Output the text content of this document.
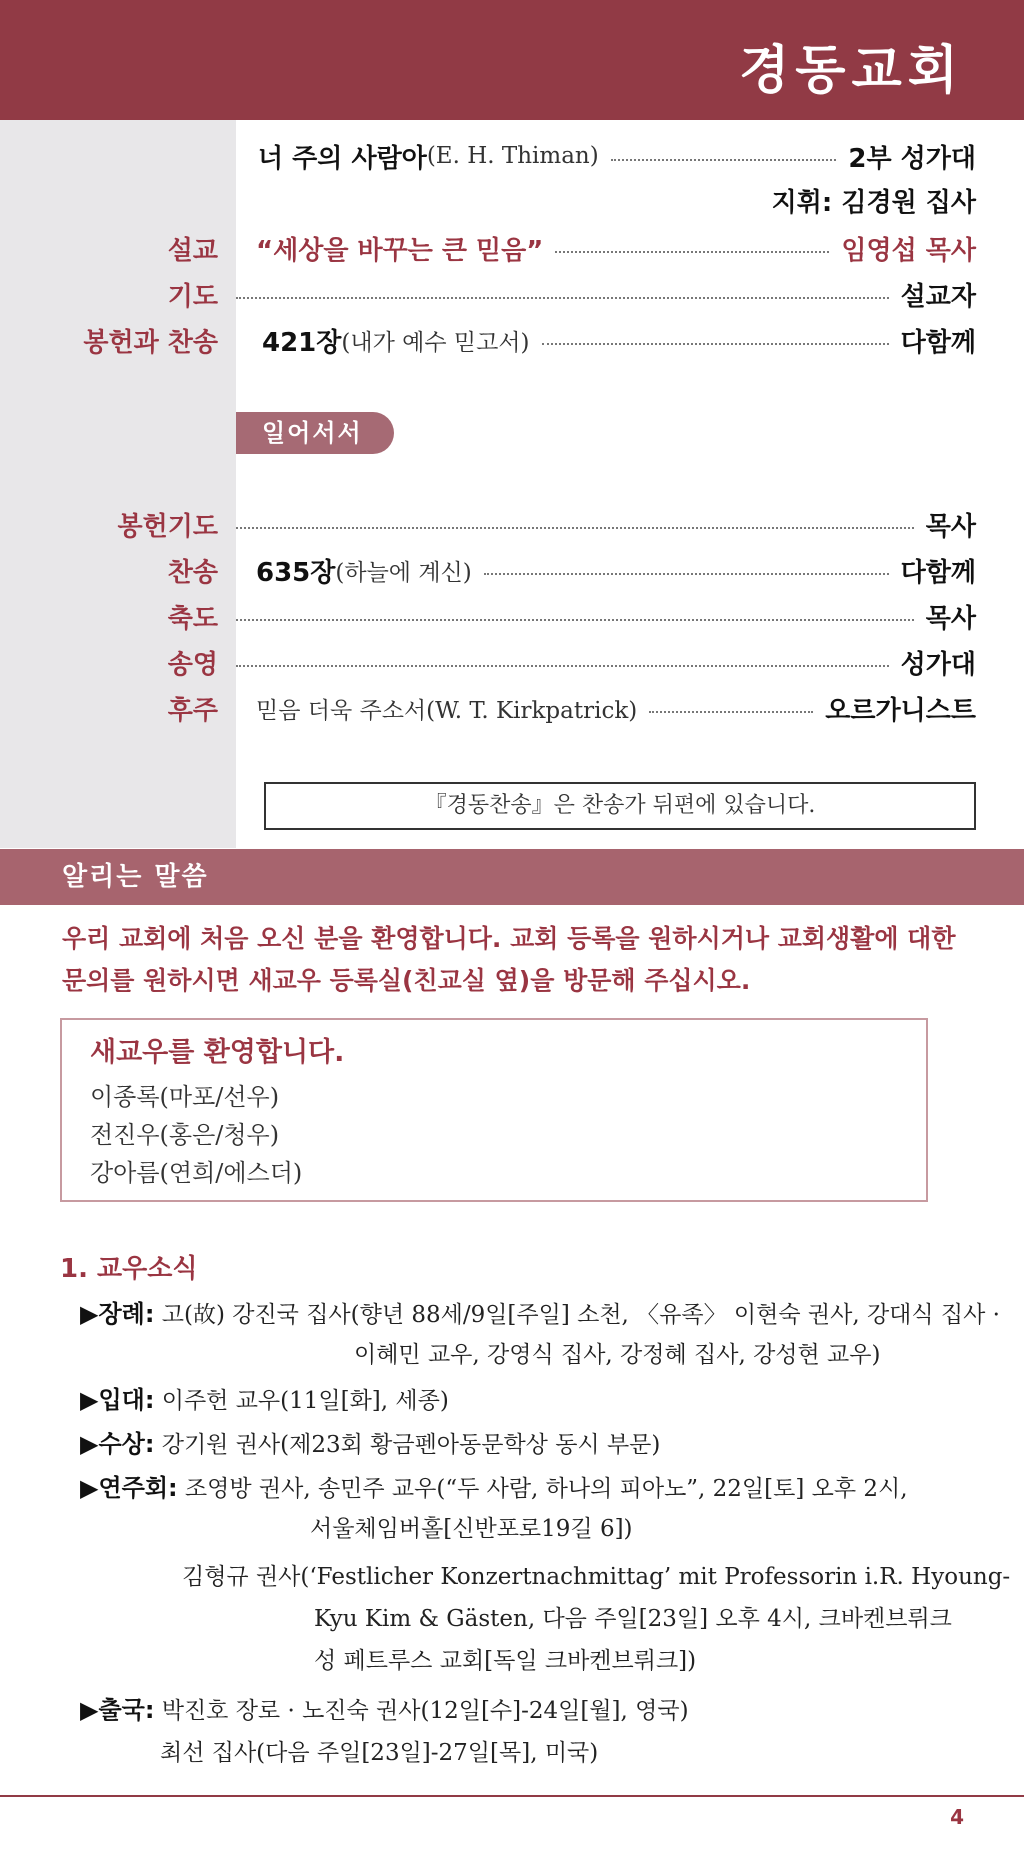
경동교회
너 주의 사람아 (E. H. Thiman)	2부 성가대
지휘: 김경원 집사
설교 “세상을 바꾸는 큰 믿음”	임영섭 목사
기도	설교자
봉헌과 찬송 421장 (내가 예수 믿고서)	다함께
일어서서
봉헌기도	목사
찬송 635장 (하늘에 계신)	다함께
축도	목사
송영	성가대
후주 믿음 더욱 주소서(W. T. Kirkpatrick)	오르가니스트
『경동찬송』은 찬송가 뒤편에 있습니다.
알리는 말씀
우리 교회에 처음 오신 분을 환영합니다. 교회 등록을 원하시거나 교회생활에 대한
문의를 원하시면 새교우 등록실(친교실 옆)을 방문해 주십시오.
새교우를 환영합니다.
이종록(마포/선우)
전진우(홍은/청우)
강아름(연희/에스더)
1. 교우소식
▶장례: 고(故) 강진국 집사(향년 88세/9일[주일] 소천, 〈유족〉 이현숙 권사, 강대식 집사 ·
이혜민 교우, 강영식 집사, 강정혜 집사, 강성현 교우)
▶입대: 이주헌 교우(11일[화], 세종)
▶수상: 강기원 권사(제23회 황금펜아동문학상 동시 부문)
▶연주회: 조영방 권사, 송민주 교우(“두 사람, 하나의 피아노”, 22일[토] 오후 2시,
서울체임버홀[신반포로19길 6])
김형규 권사(‘Festlicher Konzertnachmittag’ mit Professorin i.R. Hyoung-
Kyu Kim & Gästen, 다음 주일[23일] 오후 4시, 크바켄브뤼크
성 페트루스 교회[독일 크바켄브뤼크])
▶출국: 박진호 장로 · 노진숙 권사(12일[수]-24일[월], 영국)
최선 집사(다음 주일[23일]-27일[목], 미국)
4
